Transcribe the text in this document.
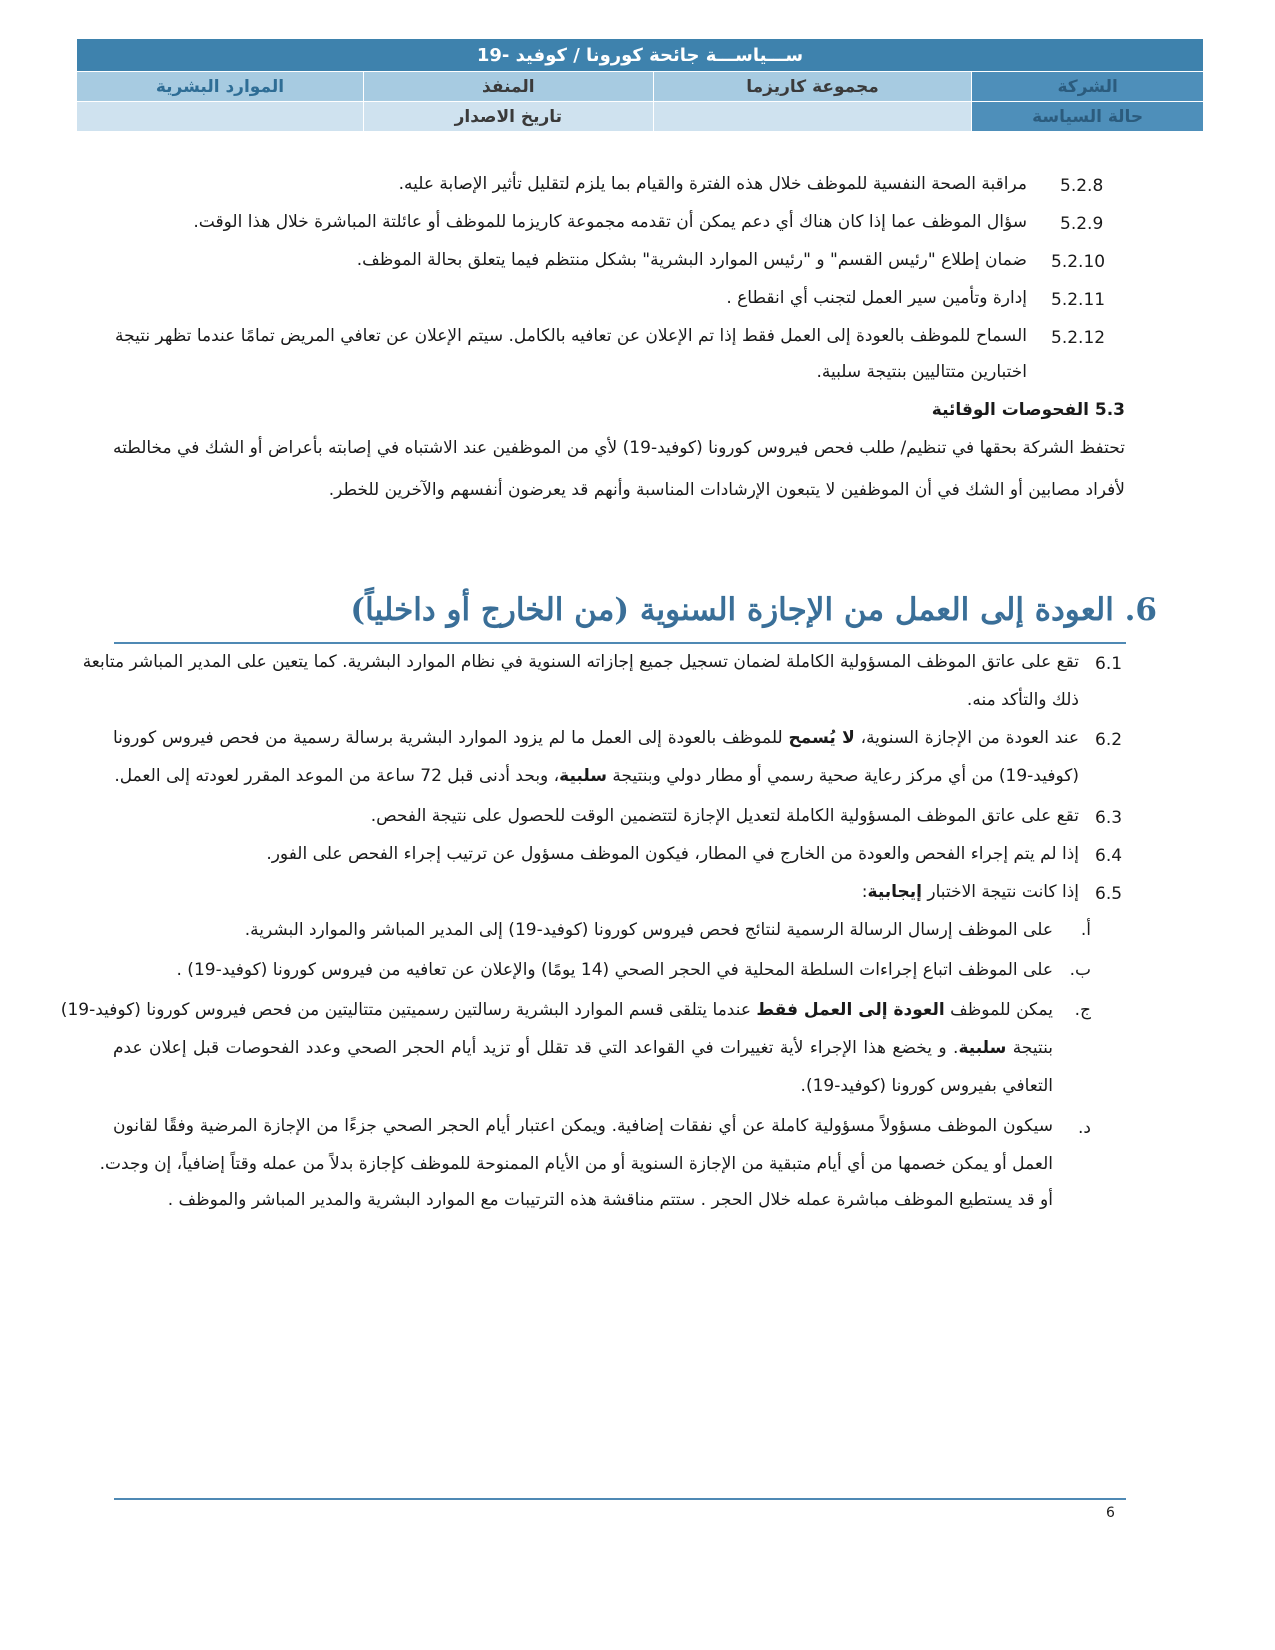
ســـياســـة جائحة كورونا / كوفيد -19			
الشركة	مجموعة كاريزما	المنفذ	الموارد البشرية
حالة السياسة		تاريخ الاصدار	
5.2.8
مراقبة الصحة النفسية للموظف خلال هذه الفترة والقيام بما يلزم لتقليل تأثير الإصابة عليه.
5.2.9
سؤال الموظف عما إذا كان هناك أي دعم يمكن أن تقدمه مجموعة كاريزما للموظف أو عائلتة المباشرة خلال هذا الوقت.
5.2.10
ضمان إطلاع "رئيس القسم" و "رئيس الموارد البشرية" بشكل منتظم فيما يتعلق بحالة الموظف.
5.2.11
إدارة وتأمين سير العمل لتجنب أي انقطاع .
5.2.12
السماح للموظف بالعودة إلى العمل فقط إذا تم الإعلان عن تعافيه بالكامل. سيتم الإعلان عن تعافي المريض تمامًا عندما تظهر نتيجة
اختبارين متتاليين بنتيجة سلبية.
5.3 الفحوصات الوقائية
تحتفظ الشركة بحقها في تنظيم/ طلب فحص فيروس كورونا (كوفيد-19) لأي من الموظفين عند الاشتباه في إصابته بأعراض أو الشك في مخالطته
لأفراد مصابين أو الشك في أن الموظفين لا يتبعون الإرشادات المناسبة وأنهم قد يعرضون أنفسهم والآخرين للخطر.
6. العودة إلى العمل من الإجازة السنوية (من الخارج أو داخلياً)
6.1
تقع على عاتق الموظف المسؤولية الكاملة لضمان تسجيل جميع إجازاته السنوية في نظام الموارد البشرية. كما يتعين على المدير المباشر متابعة
ذلك والتأكد منه.
6.2
عند العودة من الإجازة السنوية، لا يُسمح للموظف بالعودة إلى العمل ما لم يزود الموارد البشرية برسالة رسمية من فحص فيروس كورونا
(كوفيد-19) من أي مركز رعاية صحية رسمي أو مطار دولي وبنتيجة سلبية، وبحد أدنى قبل 72 ساعة من الموعد المقرر لعودته إلى العمل.
6.3
تقع على عاتق الموظف المسؤولية الكاملة لتعديل الإجازة لتتضمين الوقت للحصول على نتيجة الفحص.
6.4
إذا لم يتم إجراء الفحص والعودة من الخارج في المطار، فيكون الموظف مسؤول عن ترتيب إجراء الفحص على الفور.
6.5
إذا كانت نتيجة الاختبار إيجابية:
أ.
على الموظف إرسال الرسالة الرسمية لنتائج فحص فيروس كورونا (كوفيد-19) إلى المدير المباشر والموارد البشرية.
ب.
على الموظف اتباع إجراءات السلطة المحلية في الحجر الصحي (14 يومًا) والإعلان عن تعافيه من فيروس كورونا (كوفيد-19) .
ج.
يمكن للموظف العودة إلى العمل فقط عندما يتلقى قسم الموارد البشرية رسالتين رسميتين متتاليتين من فحص فيروس كورونا (كوفيد-19)
بنتيجة سلبية. و يخضع هذا الإجراء لأية تغييرات في القواعد التي قد تقلل أو تزيد أيام الحجر الصحي وعدد الفحوصات قبل إعلان عدم
التعافي بفيروس كورونا (كوفيد-19).
د.
سيكون الموظف مسؤولاً مسؤولية كاملة عن أي نفقات إضافية. ويمكن اعتبار أيام الحجر الصحي جزءًا من الإجازة المرضية وفقًا لقانون
العمل أو يمكن خصمها من أي أيام متبقية من الإجازة السنوية أو من الأيام الممنوحة للموظف كإجازة بدلاً من عمله وقتاً إضافياً، إن وجدت.
أو قد يستطيع الموظف مباشرة عمله خلال الحجر . ستتم مناقشة هذه الترتيبات مع الموارد البشرية والمدير المباشر والموظف .
6
